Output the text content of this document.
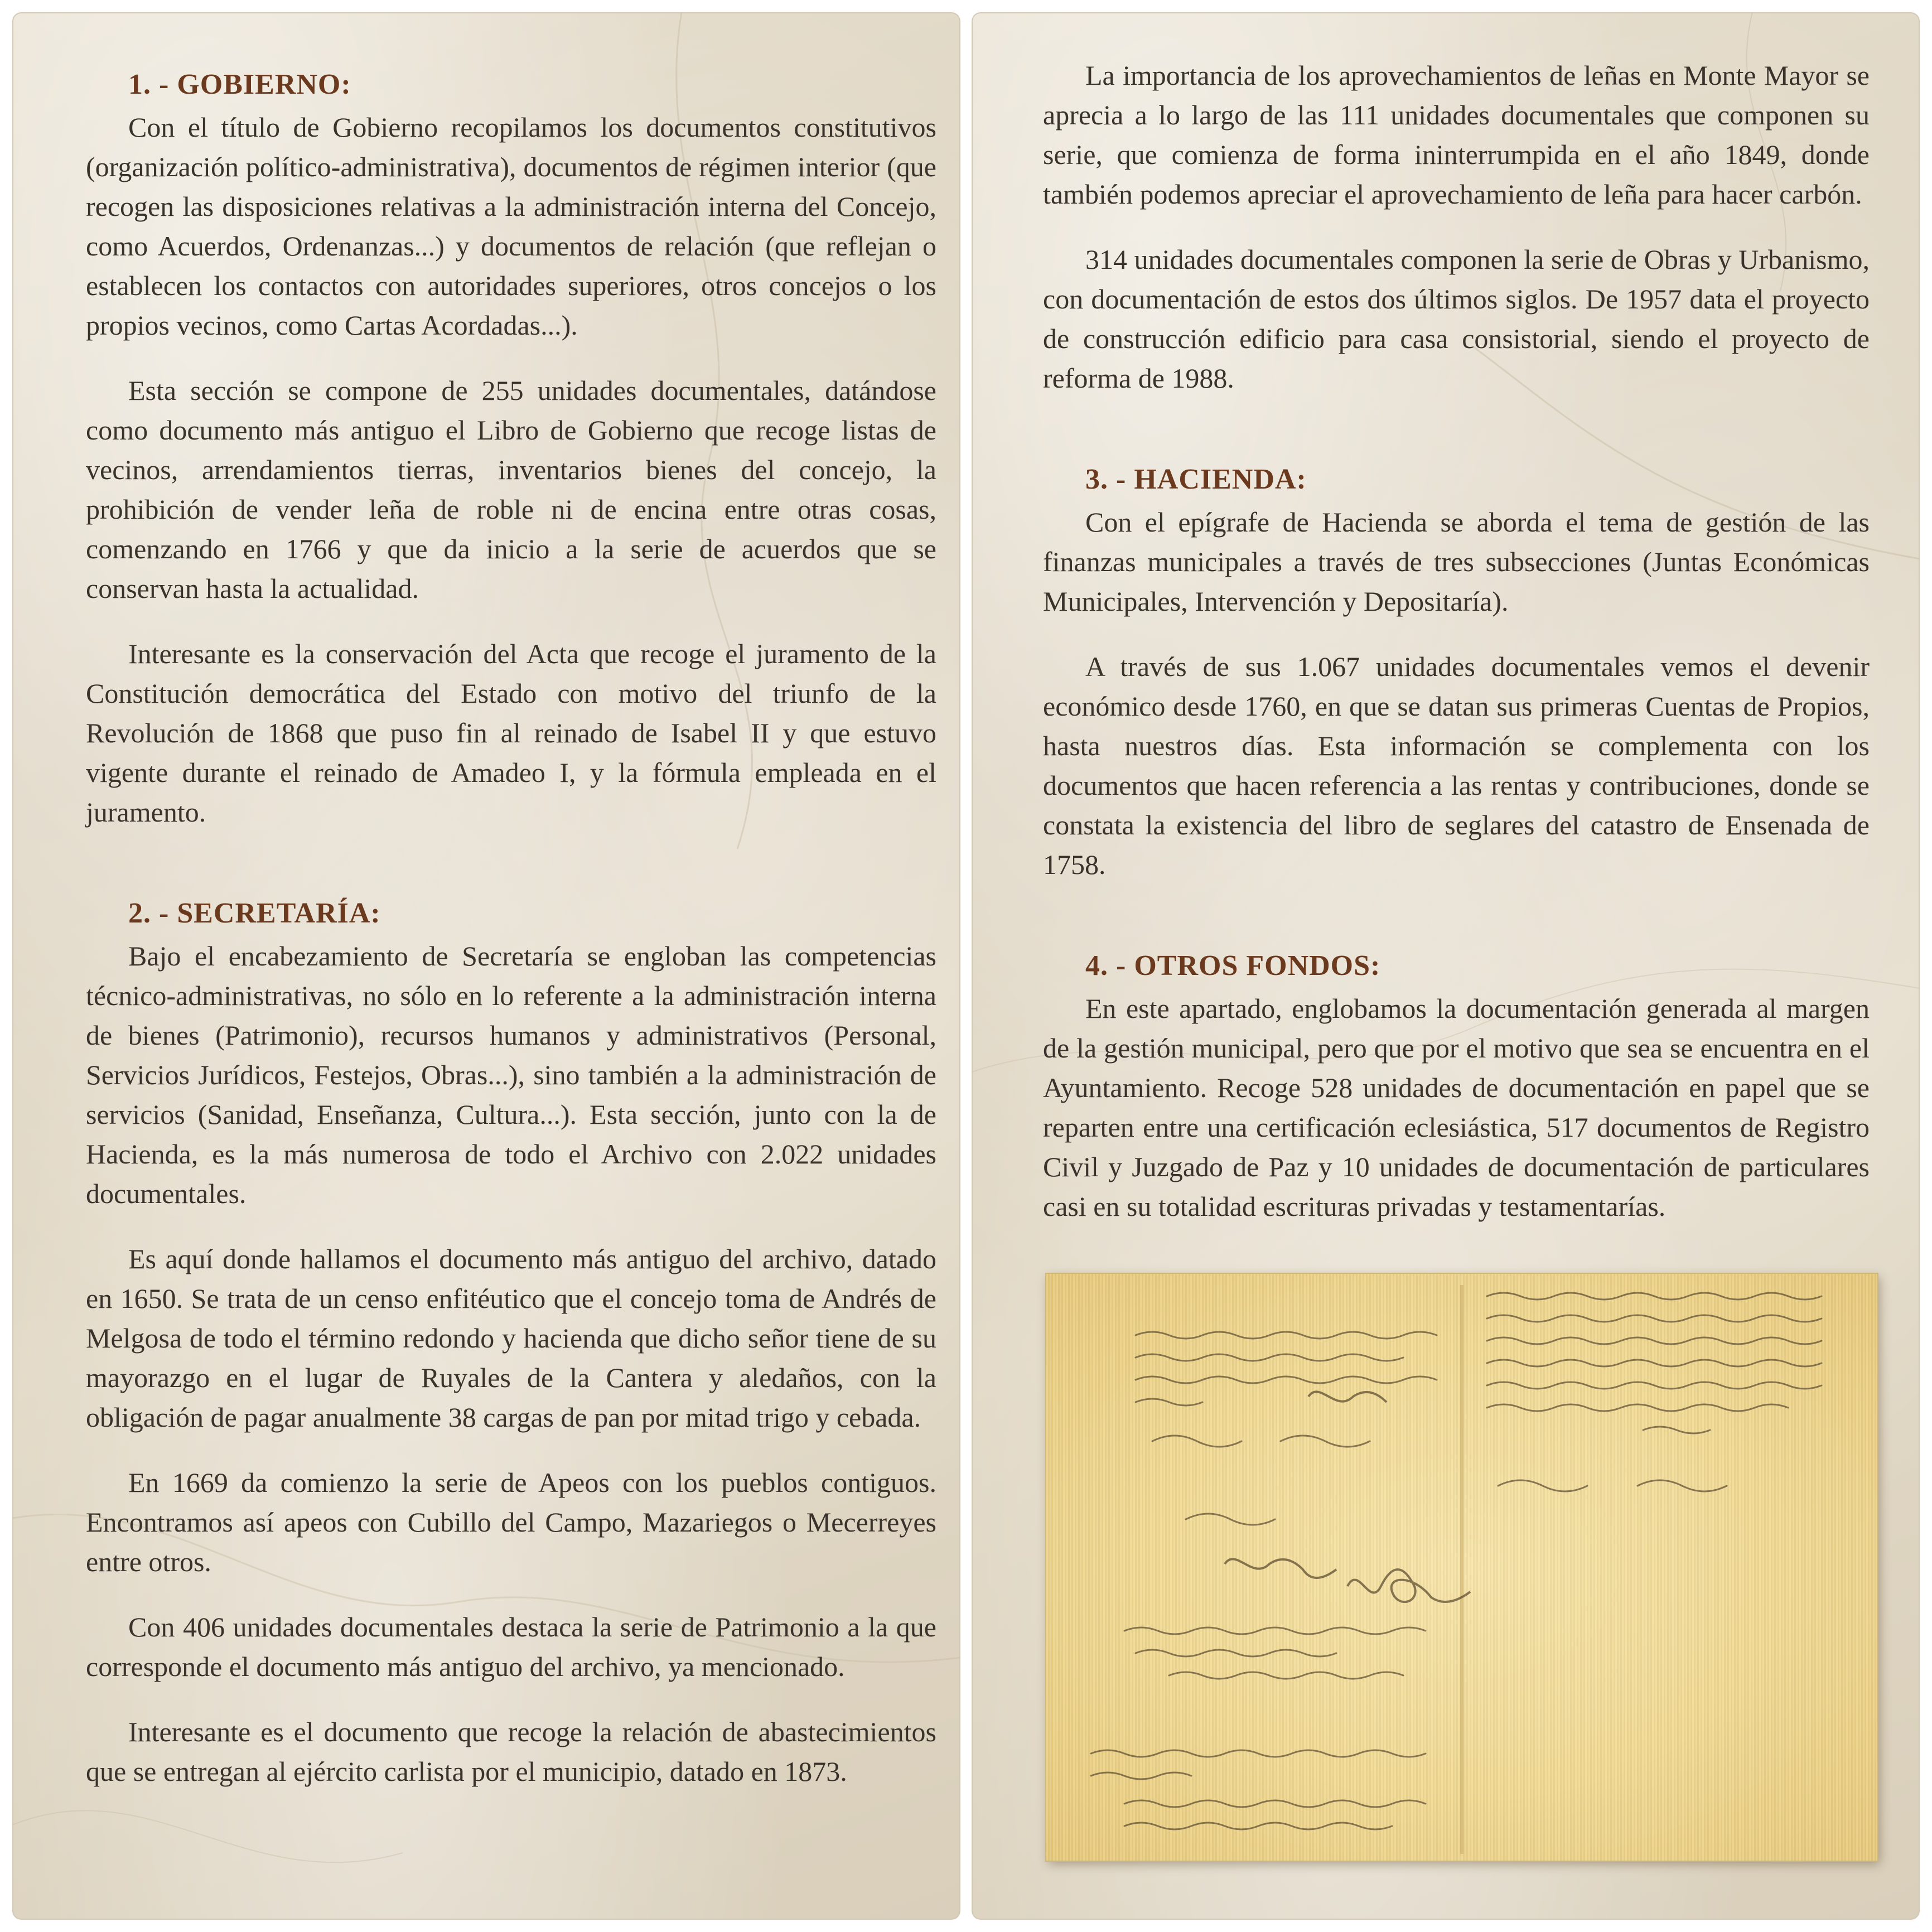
1. - GOBIERNO:

Con el título de Gobierno recopilamos los documentos constitutivos (organización político-administrativa), documentos de régimen interior (que recogen las disposiciones relativas a la administración interna del Concejo, como Acuerdos, Ordenanzas...) y documentos de relación (que reflejan o establecen los contactos con autoridades superiores, otros concejos o los propios vecinos, como Cartas Acordadas...).

Esta sección se compone de 255 unidades documentales, datándose como documento más antiguo el Libro de Gobierno que recoge listas de vecinos, arrendamientos tierras, inventarios bienes del concejo, la prohibición de vender leña de roble ni de encina entre otras cosas, comenzando en 1766 y que da inicio a la serie de acuerdos que se conservan hasta la actualidad.

Interesante es la conservación del Acta que recoge el juramento de la Constitución democrática del Estado con motivo del triunfo de la Revolución de 1868 que puso fin al reinado de Isabel II y que estuvo vigente durante el reinado de Amadeo I, y la fórmula empleada en el juramento.

2. - SECRETARÍA:

Bajo el encabezamiento de Secretaría se engloban las competencias técnico-administrativas, no sólo en lo referente a la administración interna de bienes (Patrimonio), recursos humanos y administrativos (Personal, Servicios Jurídicos, Festejos, Obras...), sino también a la administración de servicios (Sanidad, Enseñanza, Cultura...). Esta sección, junto con la de Hacienda, es la más numerosa de todo el Archivo con 2.022 unidades documentales.

Es aquí donde hallamos el documento más antiguo del archivo, datado en 1650. Se trata de un censo enfitéutico que el concejo toma de Andrés de Melgosa de todo el término redondo y hacienda que dicho señor tiene de su mayorazgo en el lugar de Ruyales de la Cantera y aledaños, con la obligación de pagar anualmente 38 cargas de pan por mitad trigo y cebada.

En 1669 da comienzo la serie de Apeos con los pueblos contiguos. Encontramos así apeos con Cubillo del Campo, Mazariegos o Mecerreyes entre otros.

Con 406 unidades documentales destaca la serie de Patrimonio a la que corresponde el documento más antiguo del archivo, ya mencionado.

Interesante es el documento que recoge la relación de abastecimientos que se entregan al ejército carlista por el municipio, datado en 1873.

La importancia de los aprovechamientos de leñas en Monte Mayor se aprecia a lo largo de las 111 unidades documentales que componen su serie, que comienza de forma ininterrumpida en el año 1849, donde también podemos apreciar el aprovechamiento de leña para hacer carbón.

314 unidades documentales componen la serie de Obras y Urbanismo, con documentación de estos dos últimos siglos. De 1957 data el proyecto de construcción edificio para casa consistorial, siendo el proyecto de reforma de 1988.

3. - HACIENDA:

Con el epígrafe de Hacienda se aborda el tema de gestión de las finanzas municipales a través de tres subsecciones (Juntas Económicas Municipales, Intervención y Depositaría).

A través de sus 1.067 unidades documentales vemos el devenir económico desde 1760, en que se datan sus primeras Cuentas de Propios, hasta nuestros días. Esta información se complementa con los documentos que hacen referencia a las rentas y contribuciones, donde se constata la existencia del libro de seglares del catastro de Ensenada de 1758.

4. - OTROS FONDOS:

En este apartado, englobamos la documentación generada al margen de la gestión municipal, pero que por el motivo que sea se encuentra en el Ayuntamiento. Recoge 528 unidades de documentación en papel que se reparten entre una certificación eclesiástica, 517 documentos de Registro Civil y Juzgado de Paz y 10 unidades de documentación de particulares casi en su totalidad escrituras privadas y testamentarías.
